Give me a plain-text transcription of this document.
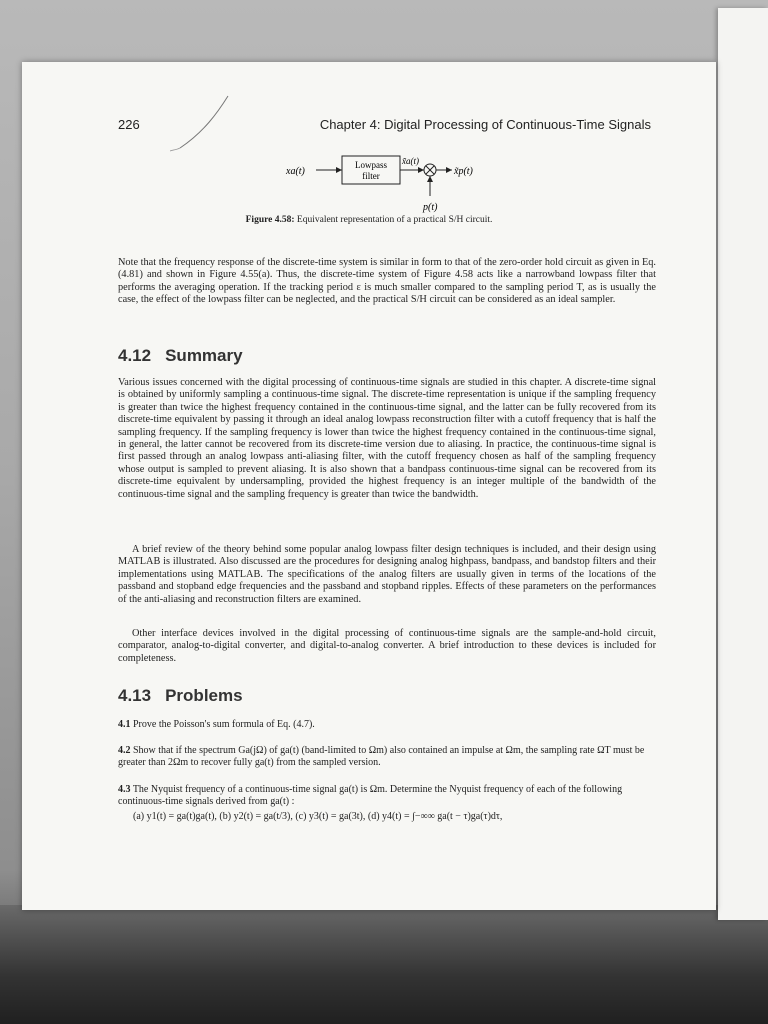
226	Chapter 4: Digital Processing of Continuous-Time Signals
xa(t)
Lowpass
filter
x̃a(t)
x̃p(t)
p(t)
Figure 4.58: Equivalent representation of a practical S/H circuit.
Note that the frequency response of the discrete-time system is similar in form to that of the zero-order hold circuit as given in Eq. (4.81) and shown in Figure 4.55(a). Thus, the discrete-time system of Figure 4.58 acts like a narrowband lowpass filter that performs the averaging operation. If the tracking period ε is much smaller compared to the sampling period T, as is usually the case, the effect of the lowpass filter can be neglected, and the practical S/H circuit can be considered as an ideal sampler.
4.12 Summary
Various issues concerned with the digital processing of continuous-time signals are studied in this chapter. A discrete-time signal is obtained by uniformly sampling a continuous-time signal. The discrete-time representation is unique if the sampling frequency is greater than twice the highest frequency contained in the continuous-time signal, and the latter can be fully recovered from its discrete-time equivalent by passing it through an ideal analog lowpass reconstruction filter with a cutoff frequency that is half the sampling frequency. If the sampling frequency is lower than twice the highest frequency contained in the continuous-time signal, in general, the latter cannot be recovered from its discrete-time version due to aliasing. In practice, the continuous-time signal is first passed through an analog lowpass anti-aliasing filter, with the cutoff frequency chosen as half of the sampling frequency whose output is sampled to prevent aliasing. It is also shown that a bandpass continuous-time signal can be recovered from its discrete-time equivalent by undersampling, provided the highest frequency is an integer multiple of the bandwidth of the continuous-time signal and the sampling frequency is greater than twice the bandwidth.
A brief review of the theory behind some popular analog lowpass filter design techniques is included, and their design using MATLAB is illustrated. Also discussed are the procedures for designing analog highpass, bandpass, and bandstop filters and their implementations using MATLAB. The specifications of the analog filters are usually given in terms of the locations of the passband and stopband edge frequencies and the passband and stopband ripples. Effects of these parameters on the performances of the anti-aliasing and reconstruction filters are examined.
Other interface devices involved in the digital processing of continuous-time signals are the sample-and-hold circuit, comparator, analog-to-digital converter, and digital-to-analog converter. A brief introduction to these devices is included for completeness.
4.13 Problems
4.1 Prove the Poisson's sum formula of Eq. (4.7).
4.2 Show that if the spectrum Ga(jΩ) of ga(t) (band-limited to Ωm) also contained an impulse at Ωm, the sampling rate ΩT must be greater than 2Ωm to recover fully ga(t) from the sampled version.
4.3 The Nyquist frequency of a continuous-time signal ga(t) is Ωm. Determine the Nyquist frequency of each of the following continuous-time signals derived from ga(t) :
(a) y1(t) = ga(t)ga(t), (b) y2(t) = ga(t/3), (c) y3(t) = ga(3t), (d) y4(t) = ∫−∞∞ ga(t − τ)ga(τ)dτ,
